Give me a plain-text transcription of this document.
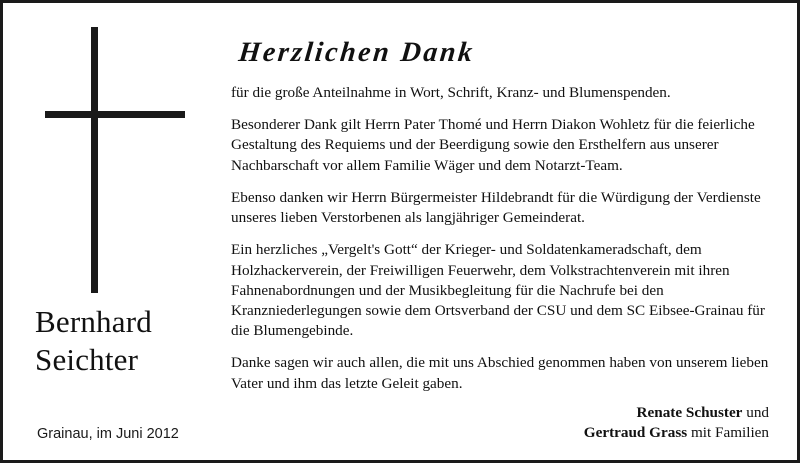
Bernhard
Seichter
Grainau, im Juni 2012
Herzlichen Dank

für die große Anteilnahme in Wort, Schrift, Kranz- und Blumenspenden.

Besonderer Dank gilt Herrn Pater Thomé und Herrn Diakon Wohletz für die feierliche Gestaltung des Requiems und der Beerdigung sowie den Ersthelfern aus unserer Nachbarschaft vor allem Familie Wäger und dem Notarzt-Team.

Ebenso danken wir Herrn Bürgermeister Hildebrandt für die Würdigung der Verdienste unseres lieben Verstorbenen als langjähriger Gemeinderat.

Ein herzliches „Vergelt's Gott“ der Krieger- und Soldatenkameradschaft, dem Holzhackerverein, der Freiwilligen Feuerwehr, dem Volkstrachtenverein mit ihren Fahnenabordnungen und der Musikbegleitung für die Nachrufe bei den Kranzniederlegungen sowie dem Ortsverband der CSU und dem SC Eibsee-Grainau für die Blumengebinde.

Danke sagen wir auch allen, die mit uns Abschied genommen haben von unserem lieben Vater und ihm das letzte Geleit gaben.

Renate Schuster und
Gertraud Grass mit Familien
